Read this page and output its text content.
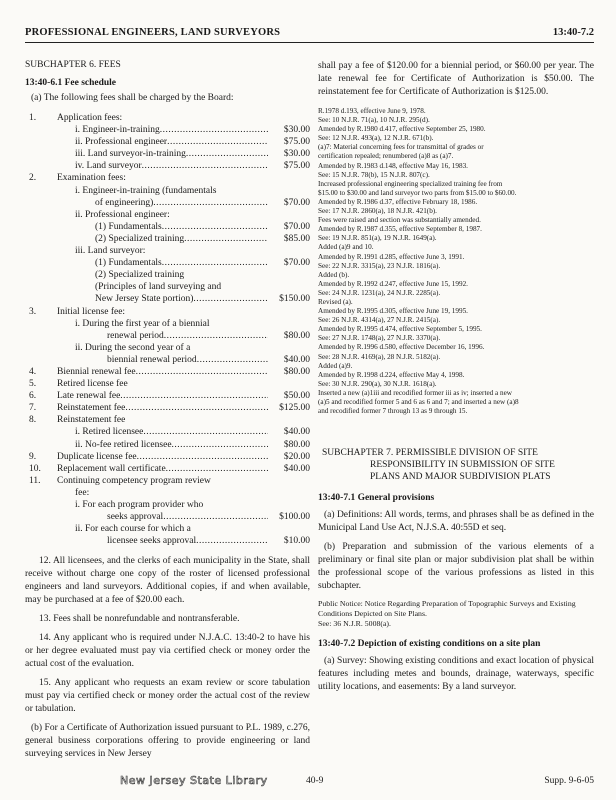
PROFESSIONAL ENGINEERS, LAND SURVEYORS	13:40-7.2

SUBCHAPTER 6. FEES

13:40-6.1 Fee schedule

(a) The following fees shall be charged by the Board:

1.	Application fees:
i. Engineer-in-training .....	$30.00
ii. Professional engineer .....	$75.00
iii. Land surveyor-in-training .....	$30.00
iv. Land surveyor .....	$75.00
2.	Examination fees:
i. Engineer-in-training (fundamentals
of engineering) .....	$70.00
ii. Professional engineer:
(1) Fundamentals .....	$70.00
(2) Specialized training .....	$85.00
iii. Land surveyor:
(1) Fundamentals .....	$70.00
(2) Specialized training
(Principles of land surveying and
New Jersey State portion) .....	$150.00
3.	Initial license fee:
i. During the first year of a biennial
renewal period .....	$80.00
ii. During the second year of a
biennial renewal period .....	$40.00
4.	Biennial renewal fee .....	$80.00
5.	Retired license fee
6.	Late renewal fee .....	$50.00
7.	Reinstatement fee .....	$125.00
8.	Reinstatement fee
i. Retired licensee .....	$40.00
ii. No-fee retired licensee .....	$80.00
9.	Duplicate license fee .....	$20.00
10.	Replacement wall certificate .....	$40.00
11.	Continuing competency program review
fee:
i. For each program provider who
seeks approval .....	$100.00
ii. For each course for which a
licensee seeks approval .....	$10.00

12. All licensees, and the clerks of each municipality in the State, shall receive without charge one copy of the roster of licensed professional engineers and land surveyors. Additional copies, if and when available, may be purchased at a fee of $20.00 each.

13. Fees shall be nonrefundable and nontransferable.

14. Any applicant who is required under N.J.A.C. 13:40-2 to have his or her degree evaluated must pay via certified check or money order the actual cost of the evaluation.

15. Any applicant who requests an exam review or score tabulation must pay via certified check or money order the actual cost of the review or tabulation.

(b) For a Certificate of Authorization issued pursuant to P.L. 1989, c.276, general business corporations offering to provide engineering or land surveying services in New Jersey

shall pay a fee of $120.00 for a biennial period, or $60.00 per year. The late renewal fee for Certificate of Authorization is $50.00. The reinstatement fee for Certificate of Authorization is $125.00.

R.1978 d.193, effective June 9, 1978.
See: 10 N.J.R. 71(a), 10 N.J.R. 295(d).
Amended by R.1980 d.417, effective September 25, 1980.
See: 12 N.J.R. 493(a), 12 N.J.R. 671(b).
(a)7: Material concerning fees for transmittal of grades or
certification repealed; renumbered (a)8 as (a)7.
Amended by R.1983 d.148, effective May 16, 1983.
See: 15 N.J.R. 78(b), 15 N.J.R. 807(c).
Increased professional engineering specialized training fee from
$15.00 to $30.00 and land surveyor two parts from $15.00 to $60.00.
Amended by R.1986 d.37, effective February 18, 1986.
See: 17 N.J.R. 2860(a), 18 N.J.R. 421(b).
Fees were raised and section was substantially amended.
Amended by R.1987 d.355, effective September 8, 1987.
See: 19 N.J.R. 851(a), 19 N.J.R. 1649(a).
Added (a)9 and 10.
Amended by R.1991 d.285, effective June 3, 1991.
See: 22 N.J.R. 3315(a), 23 N.J.R. 1816(a).
Added (b).
Amended by R.1992 d.247, effective June 15, 1992.
See: 24 N.J.R. 1231(a), 24 N.J.R. 2285(a).
Revised (a).
Amended by R.1995 d.305, effective June 19, 1995.
See: 26 N.J.R. 4314(a), 27 N.J.R. 2415(a).
Amended by R.1995 d.474, effective September 5, 1995.
See: 27 N.J.R. 1748(a), 27 N.J.R. 3370(a).
Amended by R.1996 d.580, effective December 16, 1996.
See: 28 N.J.R. 4169(a), 28 N.J.R. 5182(a).
Added (a)9.
Amended by R.1998 d.224, effective May 4, 1998.
See: 30 N.J.R. 290(a), 30 N.J.R. 1618(a).
Inserted a new (a)1iii and recodified former iii as iv; inserted a new
(a)5 and recodified former 5 and 6 as 6 and 7; and inserted a new (a)8
and recodified former 7 through 13 as 9 through 15.
SUBCHAPTER 7. PERMISSIBLE DIVISION OF SITE
RESPONSIBILITY IN SUBMISSION OF SITE
PLANS AND MAJOR SUBDIVISION PLATS

13:40-7.1 General provisions

(a) Definitions: All words, terms, and phrases shall be as defined in the Municipal Land Use Act, N.J.S.A. 40:55D et seq.

(b) Preparation and submission of the various elements of a preliminary or final site plan or major subdivision plat shall be within the professional scope of the various professions as listed in this subchapter.

Public Notice: Notice Regarding Preparation of Topographic Surveys and Existing Conditions Depicted on Site Plans.

See: 36 N.J.R. 5008(a).

13:40-7.2 Depiction of existing conditions on a site plan

(a) Survey: Showing existing conditions and exact location of physical features including metes and bounds, drainage, waterways, specific utility locations, and easements: By a land surveyor.

New Jersey State Library	40-9	Supp. 9-6-05
